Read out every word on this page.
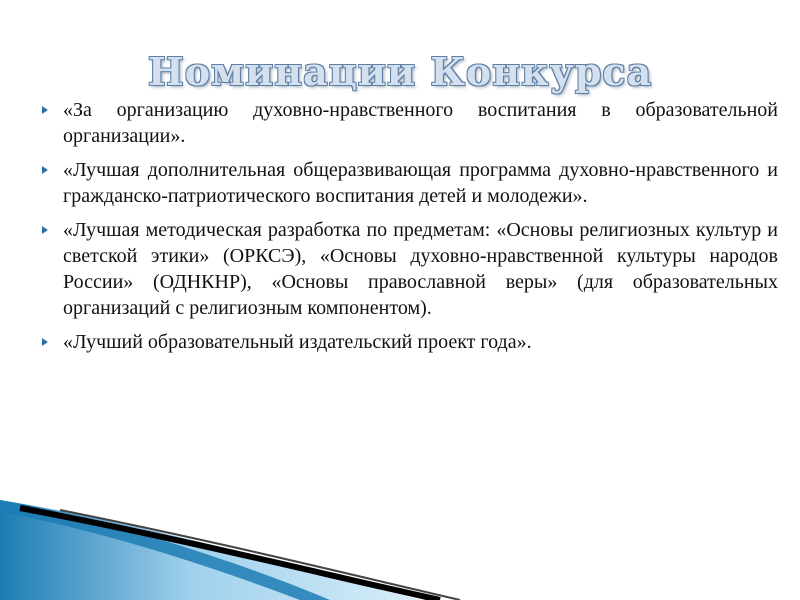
Номинации Конкурса
«За организацию духовно-нравственного воспитания в образовательной организации».
«Лучшая дополнительная общеразвивающая программа духовно-нравственного и гражданско-патриотического воспитания детей и молодежи».
«Лучшая методическая разработка по предметам: «Основы религиозных культур и светской этики» (ОРКСЭ), «Основы духовно-нравственной культуры народов России» (ОДНКНР), «Основы православной веры» (для образовательных организаций с религиозным компонентом).
«Лучший образовательный издательский проект года».
